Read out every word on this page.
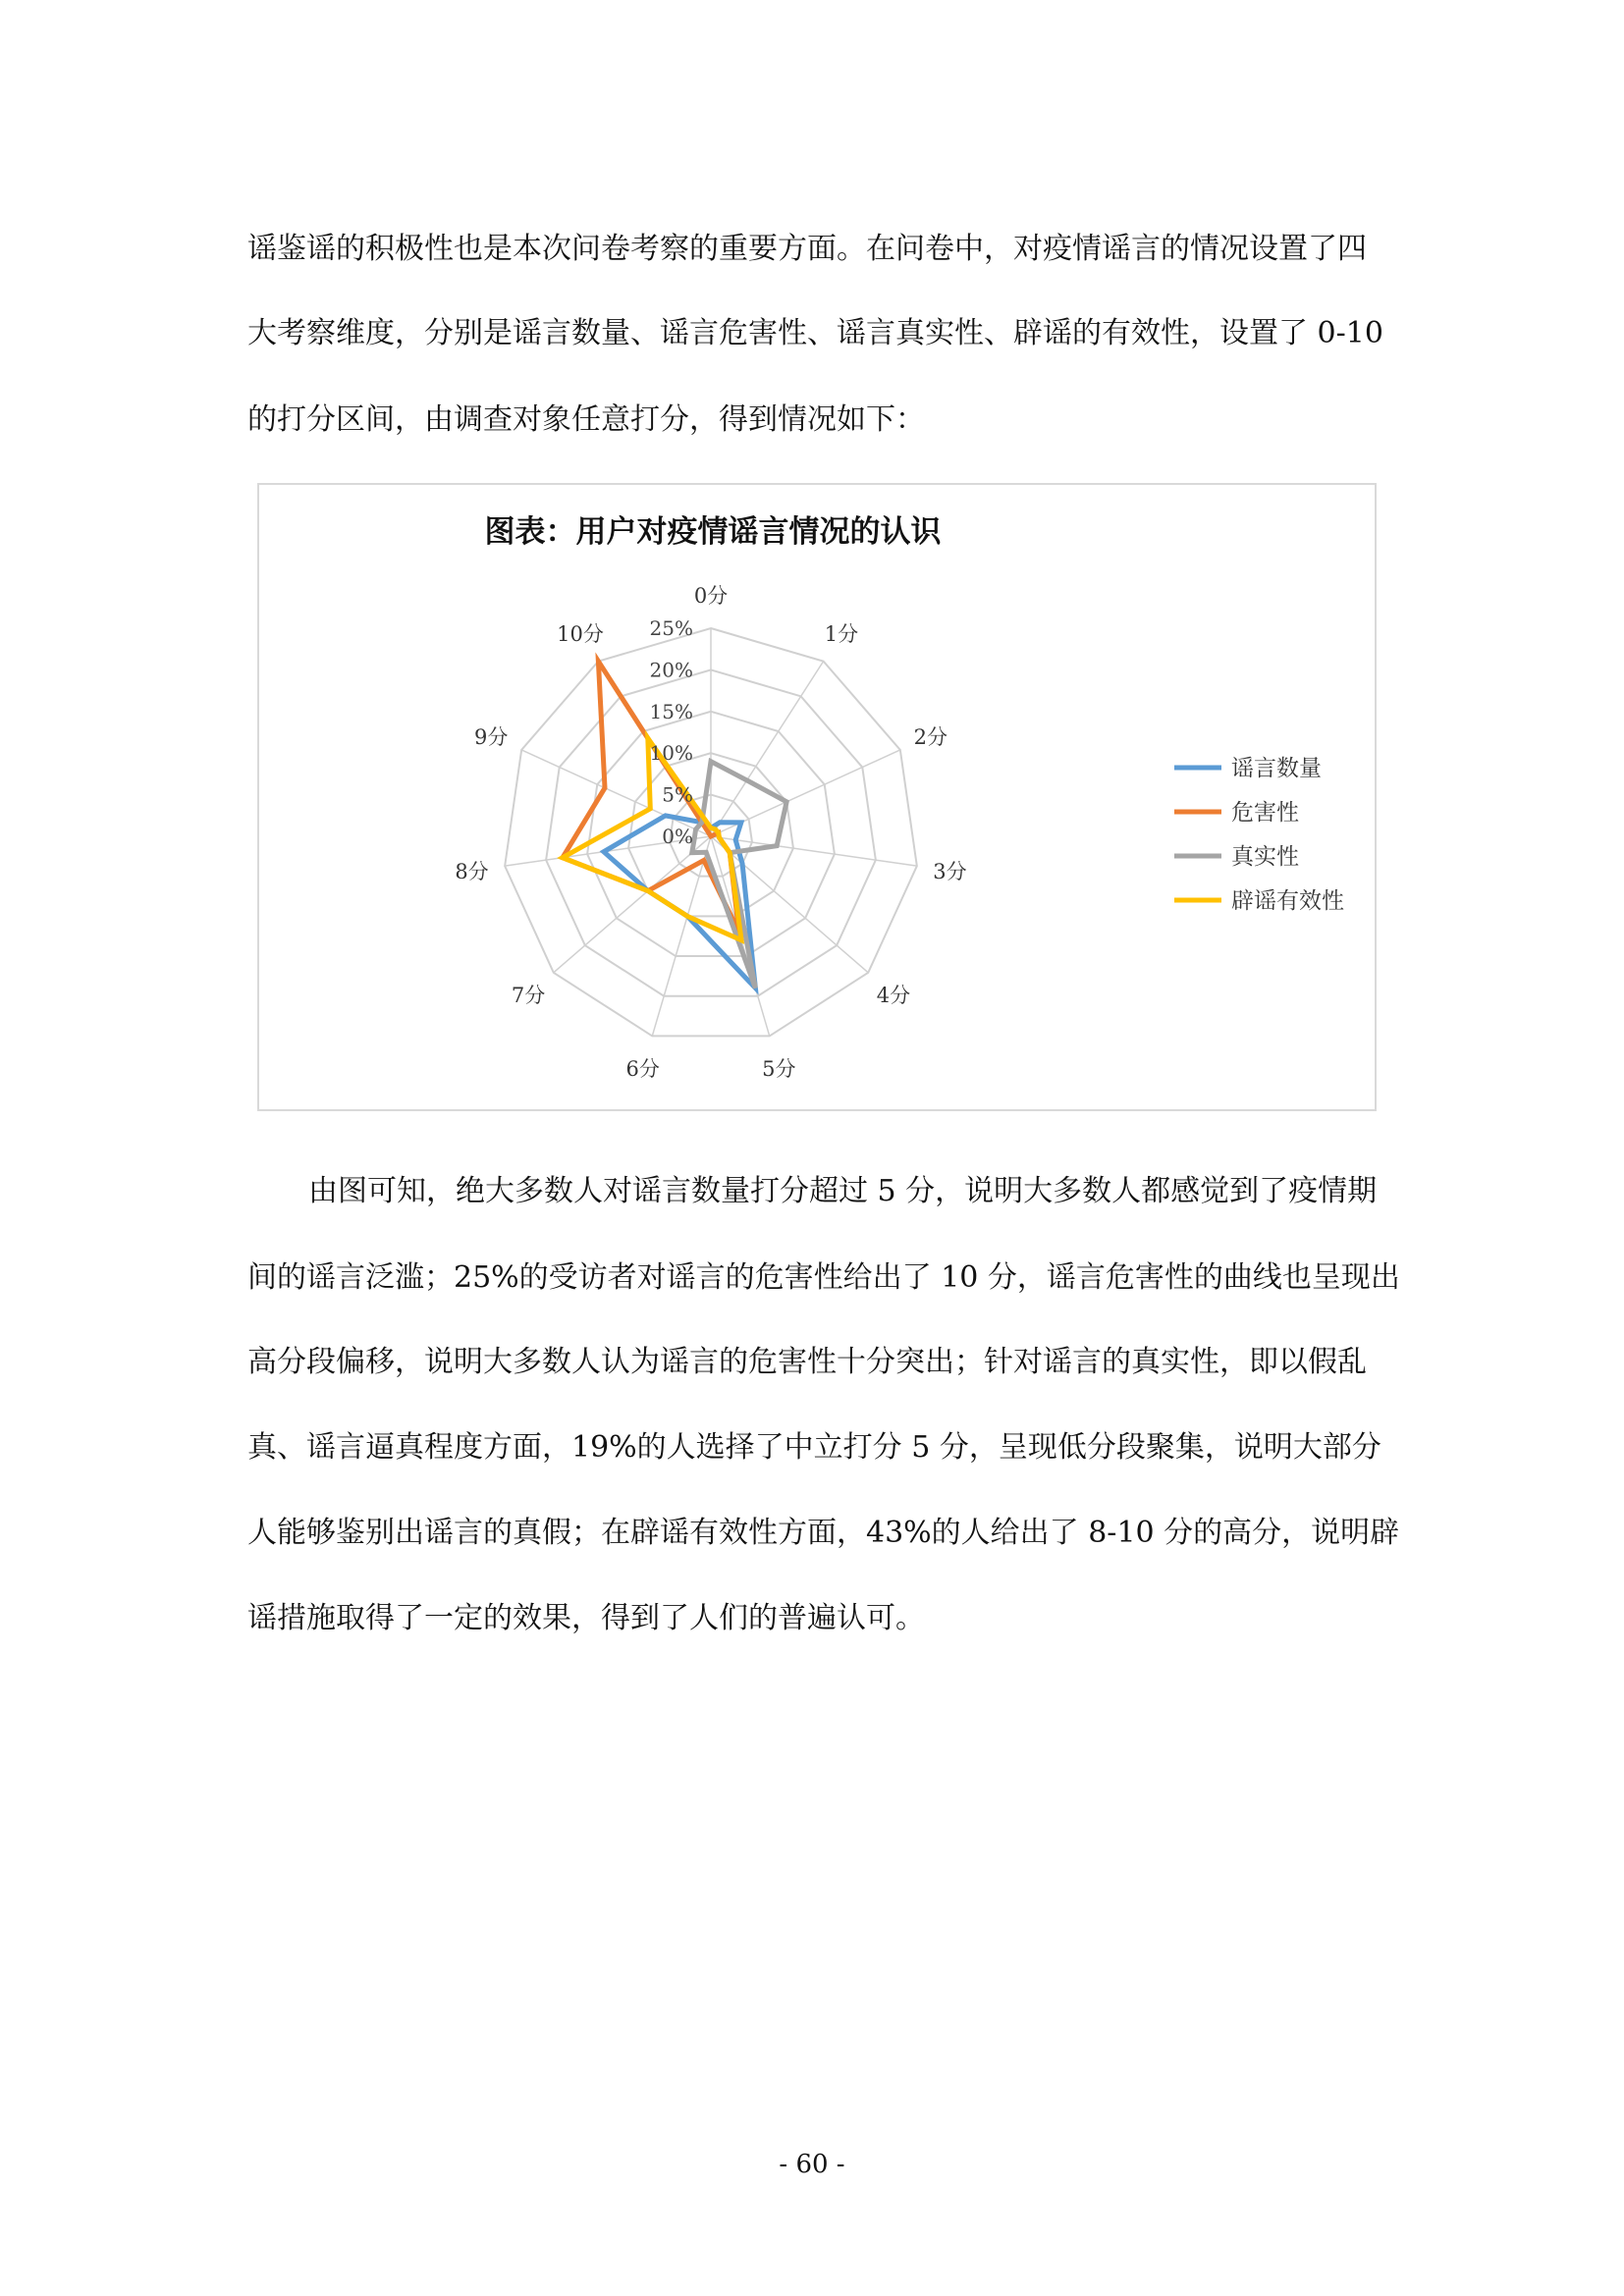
谣鉴谣的积极性也是本次问卷考察的重要方面。在问卷中，对疫情谣言的情况设置了四
大考察维度，分别是谣言数量、谣言危害性、谣言真实性、辟谣的有效性，设置了 0-10
的打分区间，由调查对象任意打分，得到情况如下：
图表：用户对疫情谣言情况的认识
0%
5%
10%
15%
20%
25%
0分
1分
2分
3分
4分
5分
6分
7分
8分
9分
10分
谣言数量
危害性
真实性
辟谣有效性
由图可知，绝大多数人对谣言数量打分超过 5 分，说明大多数人都感觉到了疫情期
间的谣言泛滥；25%的受访者对谣言的危害性给出了 10 分，谣言危害性的曲线也呈现出
高分段偏移，说明大多数人认为谣言的危害性十分突出；针对谣言的真实性，即以假乱
真、谣言逼真程度方面，19%的人选择了中立打分 5 分，呈现低分段聚集，说明大部分
人能够鉴别出谣言的真假；在辟谣有效性方面，43%的人给出了 8-10 分的高分，说明辟
谣措施取得了一定的效果，得到了人们的普遍认可。
- 60 -
